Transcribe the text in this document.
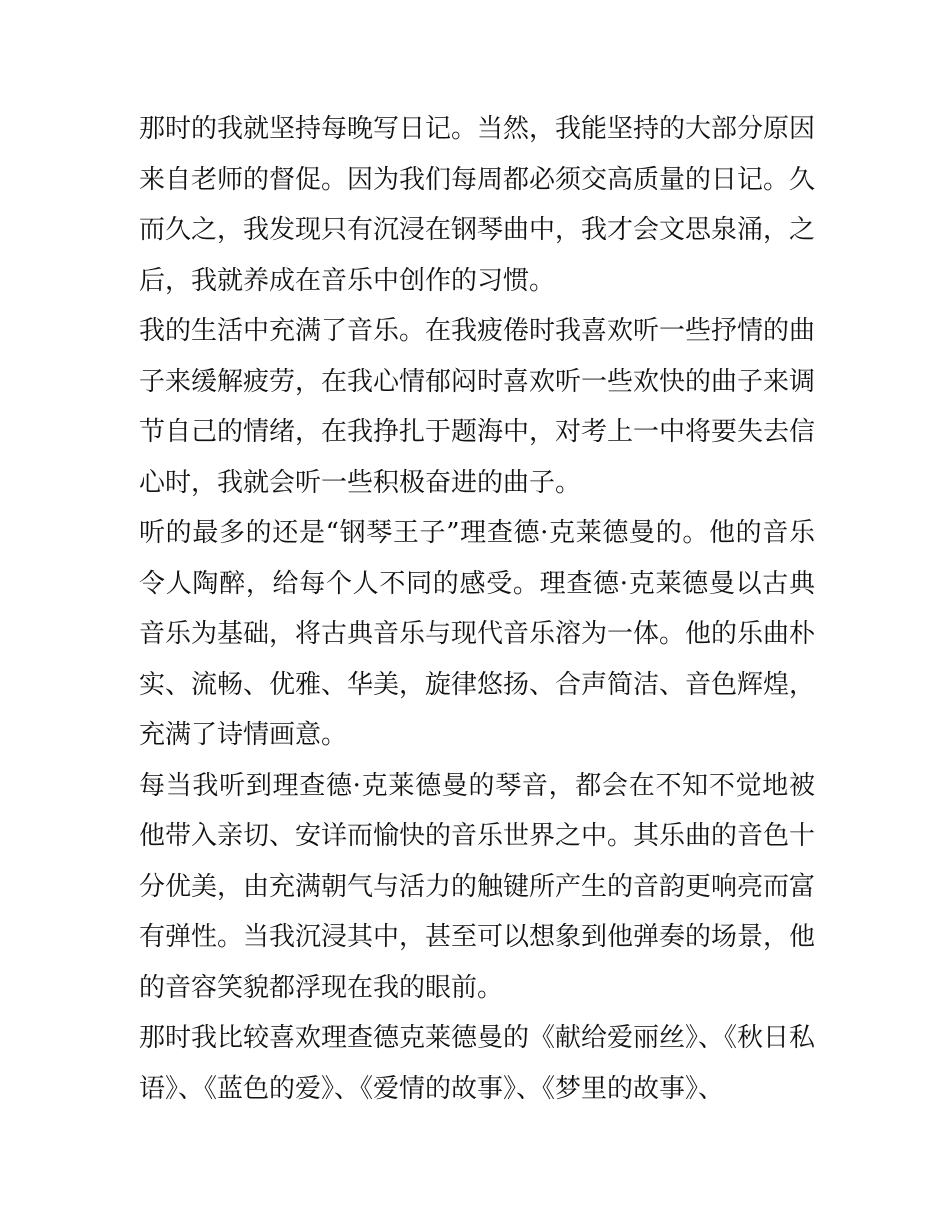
那时的我就坚持每晚写日记。当然，我能坚持的大部分原因来自老师的督促。因为我们每周都必须交高质量的日记。久而久之，我发现只有沉浸在钢琴曲中，我才会文思泉涌，之后，我就养成在音乐中创作的习惯。

我的生活中充满了音乐。在我疲倦时我喜欢听一些抒情的曲子来缓解疲劳，在我心情郁闷时喜欢听一些欢快的曲子来调节自己的情绪，在我挣扎于题海中，对考上一中将要失去信心时，我就会听一些积极奋进的曲子。

听的最多的还是“钢琴王子”理查德·克莱德曼的。他的音乐令人陶醉，给每个人不同的感受。理查德·克莱德曼以古典音乐为基础，将古典音乐与现代音乐溶为一体。他的乐曲朴实、流畅、优雅、华美，旋律悠扬、合声简洁、音色辉煌，充满了诗情画意。

每当我听到理查德·克莱德曼的琴音，都会在不知不觉地被他带入亲切、安详而愉快的音乐世界之中。其乐曲的音色十分优美，由充满朝气与活力的触键所产生的音韵更响亮而富有弹性。当我沉浸其中，甚至可以想象到他弹奏的场景，他的音容笑貌都浮现在我的眼前。

那时我比较喜欢理查德克莱德曼的《献给爱丽丝》、《秋日私语》、《蓝色的爱》、《爱情的故事》、《梦里的故事》、
